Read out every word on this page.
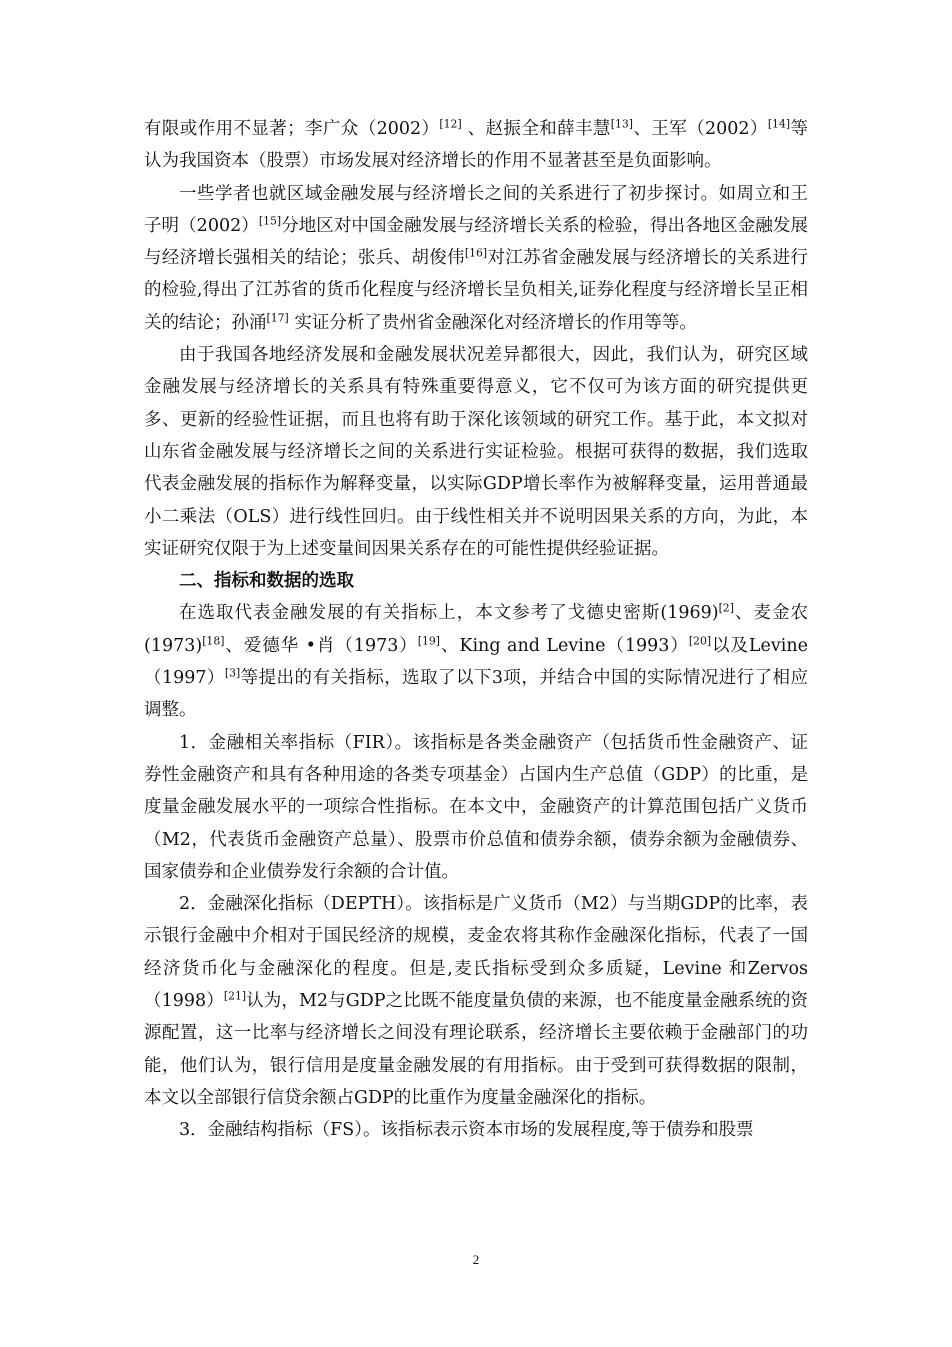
有限或作用不显著；李广众（2002）[12] 、赵振全和薛丰慧[13]、王军（2002）[14]等认为我国资本（股票）市场发展对经济增长的作用不显著甚至是负面影响。

一些学者也就区域金融发展与经济增长之间的关系进行了初步探讨。如周立和王子明（2002）[15]分地区对中国金融发展与经济增长关系的检验，得出各地区金融发展与经济增长强相关的结论；张兵、胡俊伟[16]对江苏省金融发展与经济增长的关系进行的检验,得出了江苏省的货币化程度与经济增长呈负相关,证券化程度与经济增长呈正相关的结论；孙涌[17] 实证分析了贵州省金融深化对经济增长的作用等等。

由于我国各地经济发展和金融发展状况差异都很大，因此，我们认为，研究区域金融发展与经济增长的关系具有特殊重要得意义，它不仅可为该方面的研究提供更多、更新的经验性证据，而且也将有助于深化该领域的研究工作。基于此，本文拟对山东省金融发展与经济增长之间的关系进行实证检验。根据可获得的数据，我们选取代表金融发展的指标作为解释变量，以实际GDP增长率作为被解释变量，运用普通最小二乘法（OLS）进行线性回归。由于线性相关并不说明因果关系的方向，为此，本实证研究仅限于为上述变量间因果关系存在的可能性提供经验证据。

二、指标和数据的选取

在选取代表金融发展的有关指标上，本文参考了戈德史密斯(1969)[2]、麦金农(1973)[18]、爱德华 •肖（1973）[19]、King and Levine（1993）[20]以及Levine（1997）[3]等提出的有关指标，选取了以下3项，并结合中国的实际情况进行了相应调整。

1．金融相关率指标（FIR）。该指标是各类金融资产（包括货币性金融资产、证券性金融资产和具有各种用途的各类专项基金）占国内生产总值（GDP）的比重，是度量金融发展水平的一项综合性指标。在本文中，金融资产的计算范围包括广义货币（M2，代表货币金融资产总量）、股票市价总值和债券余额，债券余额为金融债券、国家债券和企业债券发行余额的合计值。

2．金融深化指标（DEPTH）。该指标是广义货币（M2）与当期GDP的比率，表示银行金融中介相对于国民经济的规模，麦金农将其称作金融深化指标，代表了一国经济货币化与金融深化的程度。但是,麦氏指标受到众多质疑，Levine 和Zervos（1998）[21]认为，M2与GDP之比既不能度量负债的来源，也不能度量金融系统的资源配置，这一比率与经济增长之间没有理论联系，经济增长主要依赖于金融部门的功能，他们认为，银行信用是度量金融发展的有用指标。由于受到可获得数据的限制，本文以全部银行信贷余额占GDP的比重作为度量金融深化的指标。

3．金融结构指标（FS）。该指标表示资本市场的发展程度,等于债券和股票

2
